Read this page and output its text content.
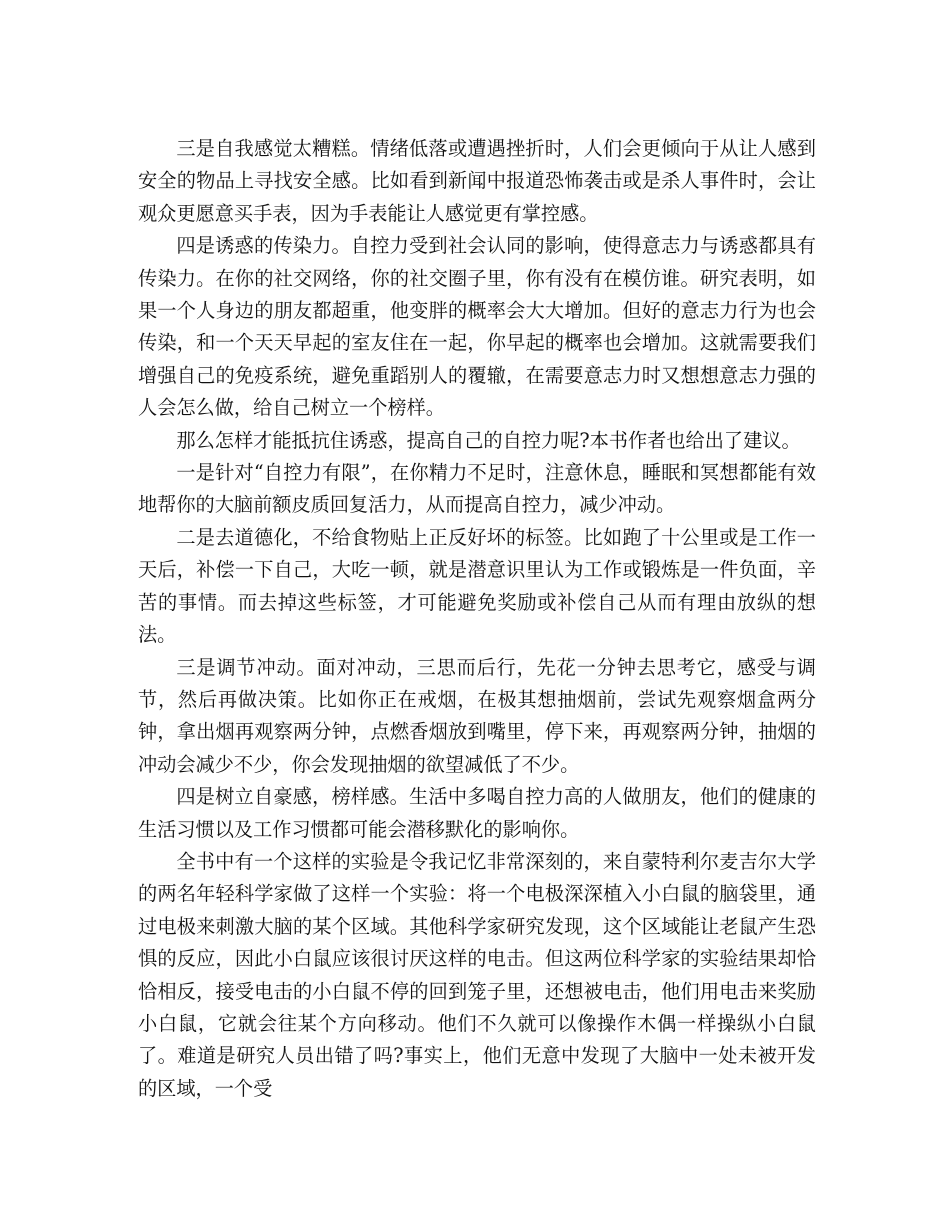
三是自我感觉太糟糕。情绪低落或遭遇挫折时，人们会更倾向于从让人感到安全的物品上寻找安全感。比如看到新闻中报道恐怖袭击或是杀人事件时，会让观众更愿意买手表，因为手表能让人感觉更有掌控感。

四是诱惑的传染力。自控力受到社会认同的影响，使得意志力与诱惑都具有传染力。在你的社交网络，你的社交圈子里，你有没有在模仿谁。研究表明，如果一个人身边的朋友都超重，他变胖的概率会大大增加。但好的意志力行为也会传染，和一个天天早起的室友住在一起，你早起的概率也会增加。这就需要我们增强自己的免疫系统，避免重蹈别人的覆辙，在需要意志力时又想想意志力强的人会怎么做，给自己树立一个榜样。

那么怎样才能抵抗住诱惑，提高自己的自控力呢?本书作者也给出了建议。

一是针对“自控力有限”，在你精力不足时，注意休息，睡眠和冥想都能有效地帮你的大脑前额皮质回复活力，从而提高自控力，减少冲动。

二是去道德化，不给食物贴上正反好坏的标签。比如跑了十公里或是工作一天后，补偿一下自己，大吃一顿，就是潜意识里认为工作或锻炼是一件负面，辛苦的事情。而去掉这些标签，才可能避免奖励或补偿自己从而有理由放纵的想法。

三是调节冲动。面对冲动，三思而后行，先花一分钟去思考它，感受与调节，然后再做决策。比如你正在戒烟，在极其想抽烟前，尝试先观察烟盒两分钟，拿出烟再观察两分钟，点燃香烟放到嘴里，停下来，再观察两分钟，抽烟的冲动会减少不少，你会发现抽烟的欲望减低了不少。

四是树立自豪感，榜样感。生活中多喝自控力高的人做朋友，他们的健康的生活习惯以及工作习惯都可能会潜移默化的影响你。

全书中有一个这样的实验是令我记忆非常深刻的，来自蒙特利尔麦吉尔大学的两名年轻科学家做了这样一个实验：将一个电极深深植入小白鼠的脑袋里，通过电极来刺激大脑的某个区域。其他科学家研究发现，这个区域能让老鼠产生恐惧的反应，因此小白鼠应该很讨厌这样的电击。但这两位科学家的实验结果却恰恰相反，接受电击的小白鼠不停的回到笼子里，还想被电击，他们用电击来奖励小白鼠，它就会往某个方向移动。他们不久就可以像操作木偶一样操纵小白鼠了。难道是研究人员出错了吗?事实上，他们无意中发现了大脑中一处未被开发的区域，一个受
